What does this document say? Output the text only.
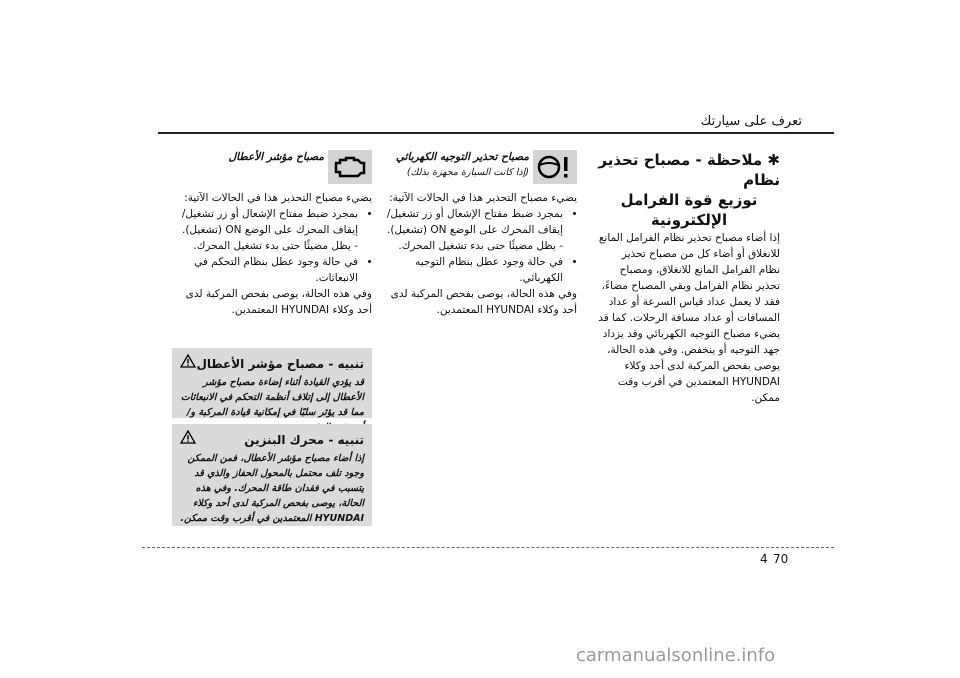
تعرف على سيارتك

✱ ملاحظة - مصباح تحذير نظام

توزيع قوة الفرامل

الإلكترونية

إذا أضاء مصباح تحذير نظام الفرامل المانع للانغلاق أو أضاء كل من مصباح تحذير نظام الفرامل المانع للانغلاق، ومصباح تحذير نظام الفرامل وبقي المصباح مضاءً، فقد لا يعمل عداد قياس السرعة أو عداد المسافات أو عداد مسافة الرحلات. كما قد يضيء مصباح التوجيه الكهربائي وقد يزداد جهد التوجيه أو ينخفض. وفي هذه الحالة، يوصى بفحص المركبة لدى أحد وكلاء HYUNDAI المعتمدين في أقرب وقت ممكن.

مصباح تحذير التوجيه الكهربائي
(إذا كانت السيارة مجهزة بذلك)

يضيء مصباح التحذير هذا في الحالات الآتية:

• بمجرد ضبط مفتاح الإشعال أو زر تشغيل/إيقاف المحرك على الوضع ON (تشغيل).

- يظل مضيئًا حتى بدء تشغيل المحرك.

• في حالة وجود عطل بنظام التوجيه الكهربائي.

وفي هذه الحالة، يوصى بفحص المركبة لدى أحد وكلاء HYUNDAI المعتمدين.

مصباح مؤشر الأعطال

يضيء مصباح التحذير هذا في الحالات الآتية:

• بمجرد ضبط مفتاح الإشعال أو زر تشغيل/إيقاف المحرك على الوضع ON (تشغيل).

- يظل مضيئًا حتى بدء تشغيل المحرك.

• في حالة وجود عطل بنظام التحكم في الانبعاثات.

وفي هذه الحالة، يوصى بفحص المركبة لدى أحد وكلاء HYUNDAI المعتمدين.

تنبيه - مصباح مؤشر الأعطال
قد يؤدي القيادة أثناء إضاءة مصباح مؤشر الأعطال إلى إتلاف أنظمة التحكم في الانبعاثات مما قد يؤثر سلبًا في إمكانية قيادة المركبة و/
تنبيه - محرك البنزين
إذا أضاء مصباح مؤشر الأعطال، فمن الممكن وجود تلف محتمل بالمحول الحفاز والذي قد يتسبب في فقدان طاقة المحرك. وفي هذه الحالة، يوصى بفحص المركبة لدى أحد وكلاء HYUNDAI المعتمدين في أقرب وقت ممكن.
4 70
carmanualsonline.info
